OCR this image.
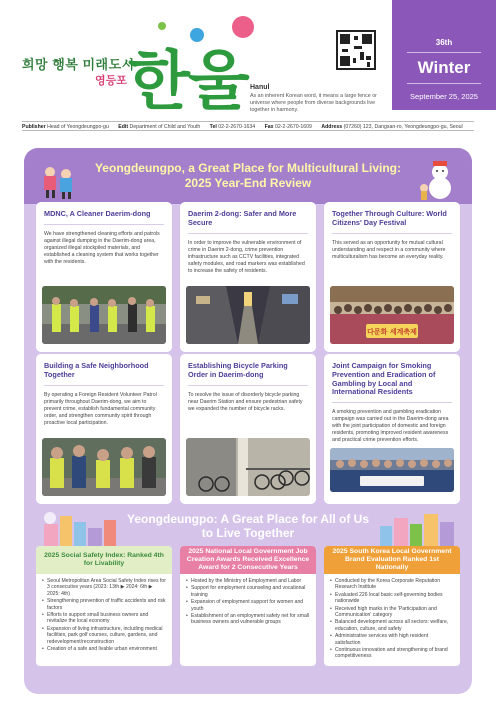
희망 행복 미래도시
영등포 한울 Hanul
As an inherent Korean word, it means a large fence or universe where people from diverse backgrounds live together in harmony.
36th
Winter
September 25, 2025
Publisher Head of Yeongdeungpo-gu Edit Department of Child and Youth Tel 02-2-2670-1634 Fax 02-2-2670-1609 Address (07260) 123, Dangsan-ro, Yeongdeungpo-gu, Seoul
Yeongdeungpo, a Great Place for Multicultural Living: 2025 Year-End Review
MDNC, A Cleaner Daerim-dong
We have strengthened cleaning efforts and patrols against illegal dumping in the Daerim-dong area, organized illegal stockpiled materials, and established a cleaning system that works together with the residents.
Daerim 2-dong: Safer and More Secure
In order to improve the vulnerable environment of crime in Daerim 2-dong, crime prevention infrastructure such as CCTV facilities, integrated safety modules, and road markers was established to increase the safety of residents.
Together Through Culture: World Citizens' Day Festival
This served as an opportunity for mutual cultural understanding and respect in a community where multiculturalism has become an everyday reality.
다문화 세계축제
Building a Safe Neighborhood Together
By operating a Foreign Resident Volunteer Patrol primarily throughout Daerim-dong, we aim to prevent crime, establish fundamental community order, and strengthen community spirit through proactive local participation.
Establishing Bicycle Parking Order in Daerim-dong
To resolve the issue of disorderly bicycle parking near Daerim Station and ensure pedestrian safety we expanded the number of bicycle racks.
Joint Campaign for Smoking Prevention and Eradication of Gambling by Local and International Residents
A smoking prevention and gambling eradication campaign was carried out in the Daerim-dong area with the joint participation of domestic and foreign residents, promoting improved resident awareness and practical crime prevention efforts.
Yeongdeungpo: A Great Place for All of Us to Live Together
2025 Social Safety Index: Ranked 4th for Livability
• Seoul Metropolitan Area Social Safety Index rises for 3 consecutive years (2023: 13th ▶ 2024: 6th ▶ 2025: 4th)
• Strengthening prevention of traffic accidents and risk factors
• Efforts to support small business owners and revitalize the local economy
• Expansion of living infrastructure, including medical facilities, park golf courses, culture, gardens, and redevelopment/reconstruction
• Creation of a safe and livable urban environment
2025 National Local Government Job Creation Awards Received Excellence Award for 2 Consecutive Years
• Hosted by the Ministry of Employment and Labor
• Support for employment counseling and vocational training
• Expansion of employment support for women and youth
• Establishment of an employment safety net for small business owners and vulnerable groups
2025 South Korea Local Government Brand Evaluation Ranked 1st Nationally
• Conducted by the Korea Corporate Reputation Research Institute
• Evaluated 226 local basic self-governing bodies nationwide
• Received high marks in the 'Participation and Communication' category
• Balanced development across all sectors: welfare, education, culture, and safety
• Administrative services with high resident satisfaction
• Continuous innovation and strengthening of brand competitiveness
